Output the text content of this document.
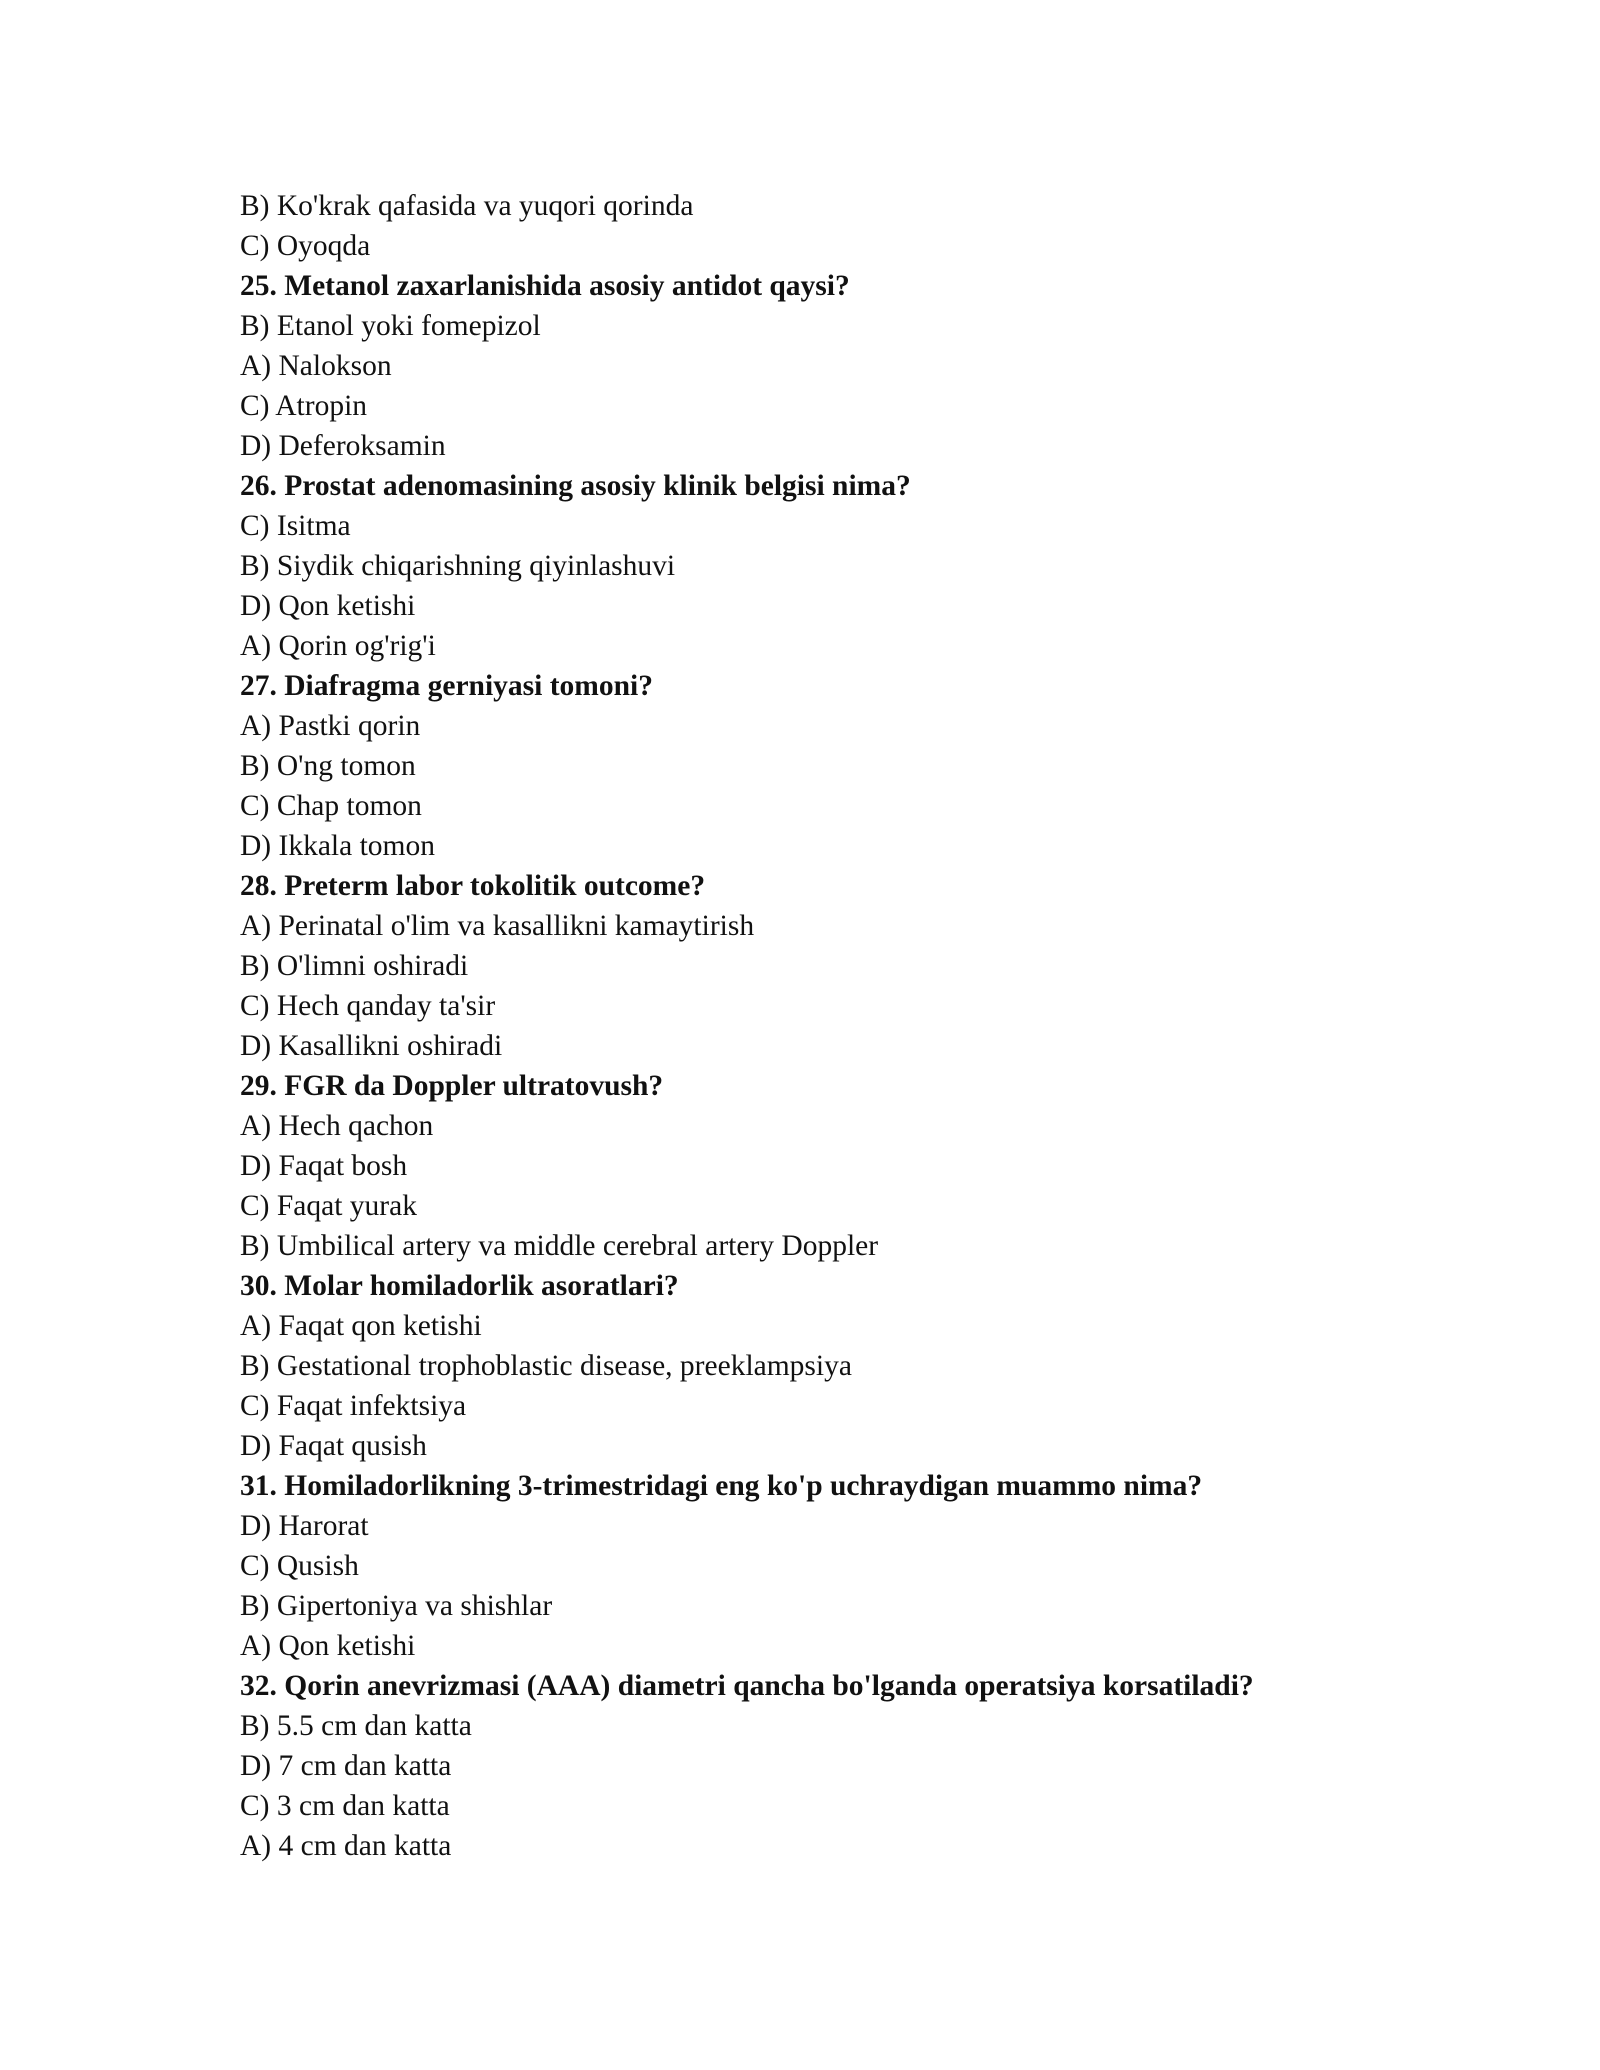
B) Ko'krak qafasida va yuqori qorinda
C) Oyoqda
25. Metanol zaxarlanishida asosiy antidot qaysi?
B) Etanol yoki fomepizol
A) Nalokson
C) Atropin
D) Deferoksamin
26. Prostat adenomasining asosiy klinik belgisi nima?
C) Isitma
B) Siydik chiqarishning qiyinlashuvi
D) Qon ketishi
A) Qorin og'rig'i
27. Diafragma gerniyasi tomoni?
A) Pastki qorin
B) O'ng tomon
C) Chap tomon
D) Ikkala tomon
28. Preterm labor tokolitik outcome?
A) Perinatal o'lim va kasallikni kamaytirish
B) O'limni oshiradi
C) Hech qanday ta'sir
D) Kasallikni oshiradi
29. FGR da Doppler ultratovush?
A) Hech qachon
D) Faqat bosh
C) Faqat yurak
B) Umbilical artery va middle cerebral artery Doppler
30. Molar homiladorlik asoratlari?
A) Faqat qon ketishi
B) Gestational trophoblastic disease, preeklampsiya
C) Faqat infektsiya
D) Faqat qusish
31. Homiladorlikning 3-trimestridagi eng ko'p uchraydigan muammo nima?
D) Harorat
C) Qusish
B) Gipertoniya va shishlar
A) Qon ketishi
32. Qorin anevrizmasi (AAA) diametri qancha bo'lganda operatsiya korsatiladi?
B) 5.5 cm dan katta
D) 7 cm dan katta
C) 3 cm dan katta
A) 4 cm dan katta
